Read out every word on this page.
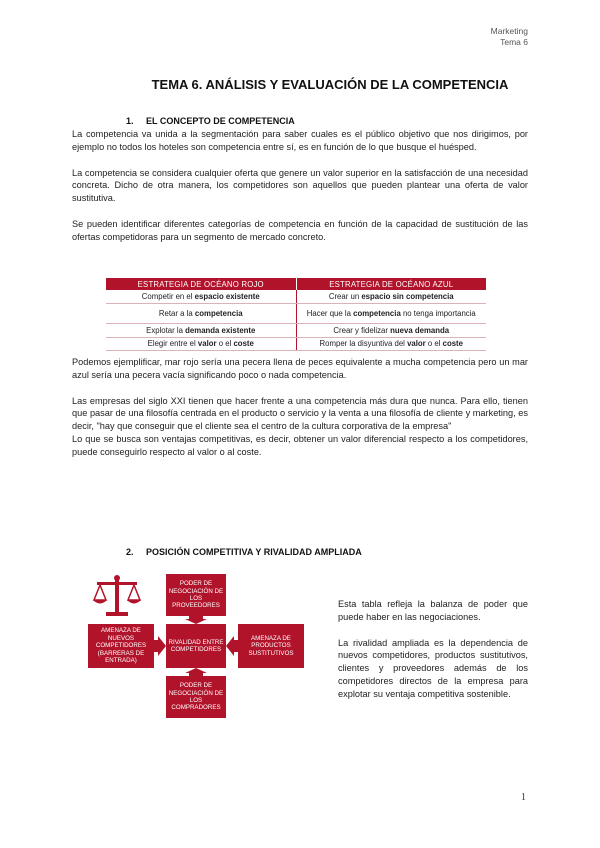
Marketing
Tema 6
TEMA 6. ANÁLISIS Y EVALUACIÓN DE LA COMPETENCIA
1. EL CONCEPTO DE COMPETENCIA

La competencia va unida a la segmentación para saber cuales es el público objetivo que nos dirigimos, por ejemplo no todos los hoteles son competencia entre sí, es en función de lo que busque el huésped.

La competencia se considera cualquier oferta que genere un valor superior en la satisfacción de una necesidad concreta. Dicho de otra manera, los competidores son aquellos que pueden plantear una oferta de valor sustitutiva.

Se pueden identificar diferentes categorías de competencia en función de la capacidad de sustitución de las ofertas competidoras para un segmento de mercado concreto.

ESTRATEGIA DE OCÉANO ROJO	ESTRATEGIA DE OCÉANO AZUL
Competir en el espacio existente	Crear un espacio sin competencia
Retar a la competencia	Hacer que la competencia no tenga importancia
Explotar la demanda existente	Crear y fidelizar nueva demanda
Elegir entre el valor o el coste	Romper la disyuntiva del valor o el coste

Podemos ejemplificar, mar rojo sería una pecera llena de peces equivalente a mucha competencia pero un mar azul sería una pecera vacía significando poco o nada competencia.

Las empresas del siglo XXI tienen que hacer frente a una competencia más dura que nunca. Para ello, tienen que pasar de una filosofía centrada en el producto o servicio y la venta a una filosofía de cliente y marketing, es decir, "hay que conseguir que el cliente sea el centro de la cultura corporativa de la empresa"

Lo que se busca son ventajas competitivas, es decir, obtener un valor diferencial respecto a los competidores, puede conseguirlo respecto al valor o al coste.

2. POSICIÓN COMPETITIVA Y RIVALIDAD AMPLIADA
PODER DE NEGOCIACIÓN DE LOS PROVEEDORES
AMENAZA DE NUEVOS COMPETIDORES (BARRERAS DE ENTRADA)
RIVALIDAD ENTRE COMPETIDORES
AMENAZA DE PRODUCTOS SUSTITUTIVOS
PODER DE NEGOCIACIÓN DE LOS COMPRADORES

Esta tabla refleja la balanza de poder que puede haber en las negociaciones.

La rivalidad ampliada es la dependencia de nuevos competidores, productos sustitutivos, clientes y proveedores además de los competidores directos de la empresa para explotar su ventaja competitiva sostenible.

1
